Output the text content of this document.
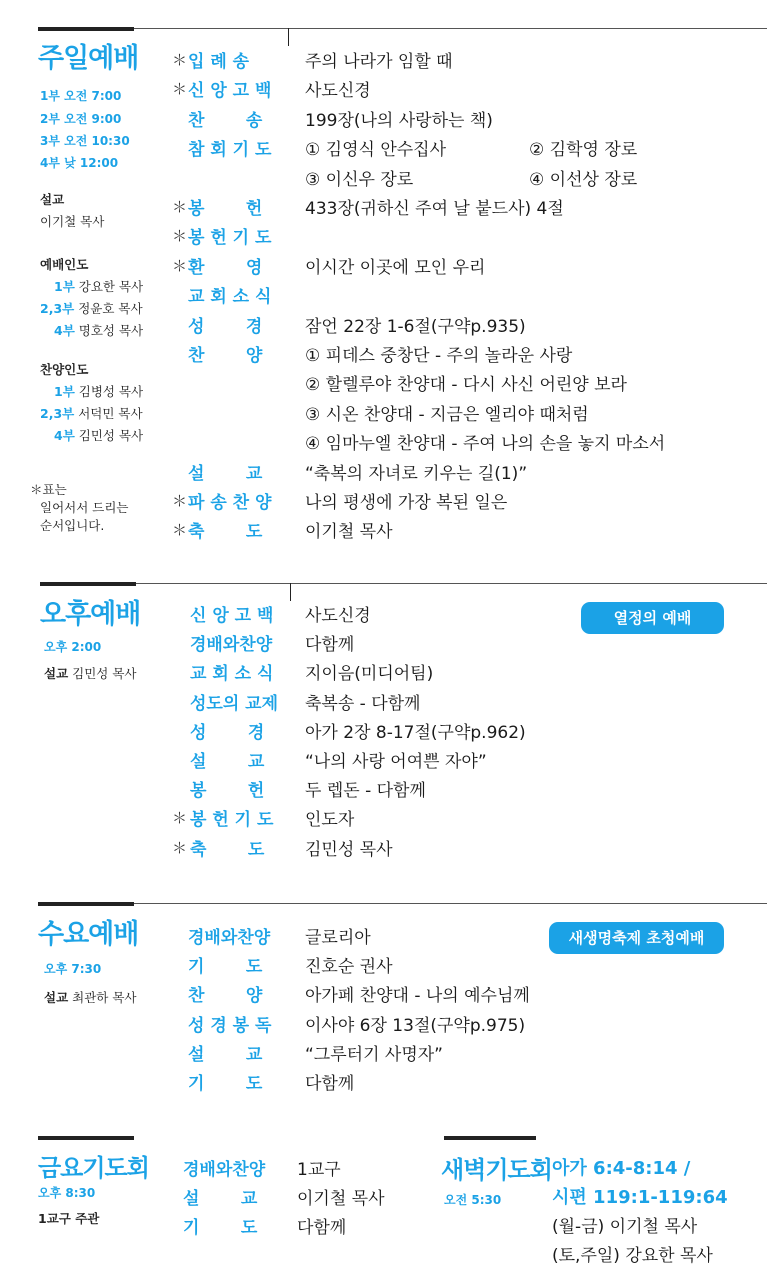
주일예배
1부 오전 7:00
2부 오전 9:00
3부 오전 10:30
4부 낮 12:00
설교
이기철 목사
예배인도
1부 강요한 목사
2,3부 정윤호 목사
4부 명호성 목사
찬양인도
1부 김병성 목사
2,3부 서덕민 목사
4부 김민성 목사
＊표는
일어서서 드리는
순서입니다.
＊ 입 례 송	주의 나라가 임할 때
＊ 신 앙 고 백	사도신경
찬       송	199장(나의 사랑하는 책)
참 회 기 도	① 김영식 안수집사	② 김학영 장로
③ 이신우 장로	④ 이선상 장로
＊ 봉       헌	433장(귀하신 주여 날 붙드사) 4절
＊ 봉 헌 기 도
＊ 환       영	이시간 이곳에 모인 우리
교 회 소 식
성       경	잠언 22장 1-6절(구약p.935)
찬       양	① 피데스 중창단 - 주의 놀라운 사랑
② 할렐루야 찬양대 - 다시 사신 어린양 보라
③ 시온 찬양대 - 지금은 엘리야 때처럼
④ 임마누엘 찬양대 - 주여 나의 손을 놓지 마소서
설       교	“축복의 자녀로 키우는 길(1)”
＊ 파 송 찬 양	나의 평생에 가장 복된 일은
＊ 축       도	이기철 목사
오후예배
오후 2:00
설교 김민성 목사
열정의 예배
신 앙 고 백	사도신경
경배와찬양	다함께
교 회 소 식	지이음(미디어팀)
성도의 교제 축복송 - 다함께
성       경	아가 2장 8-17절(구약p.962)
설       교	“나의 사랑 어여쁜 자야”
봉       헌	두 렙돈 - 다함께
＊ 봉 헌 기 도	인도자
＊ 축       도	김민성 목사
수요예배
오후 7:30
설교 최관하 목사
새생명축제 초청예배
경배와찬양	글로리아
기       도	진호순 권사
찬       양	아가페 찬양대 - 나의 예수님께
성 경 봉 독	이사야 6장 13절(구약p.975)
설       교	“그루터기 사명자”
기       도	다함께
금요기도회
오후 8:30
1교구 주관
경배와찬양	1교구
설       교	이기철 목사
기       도	다함께
새벽기도회
오전 5:30
아가 6:4-8:14 /
시편 119:1-119:64
(월-금) 이기철 목사
(토,주일) 강요한 목사
